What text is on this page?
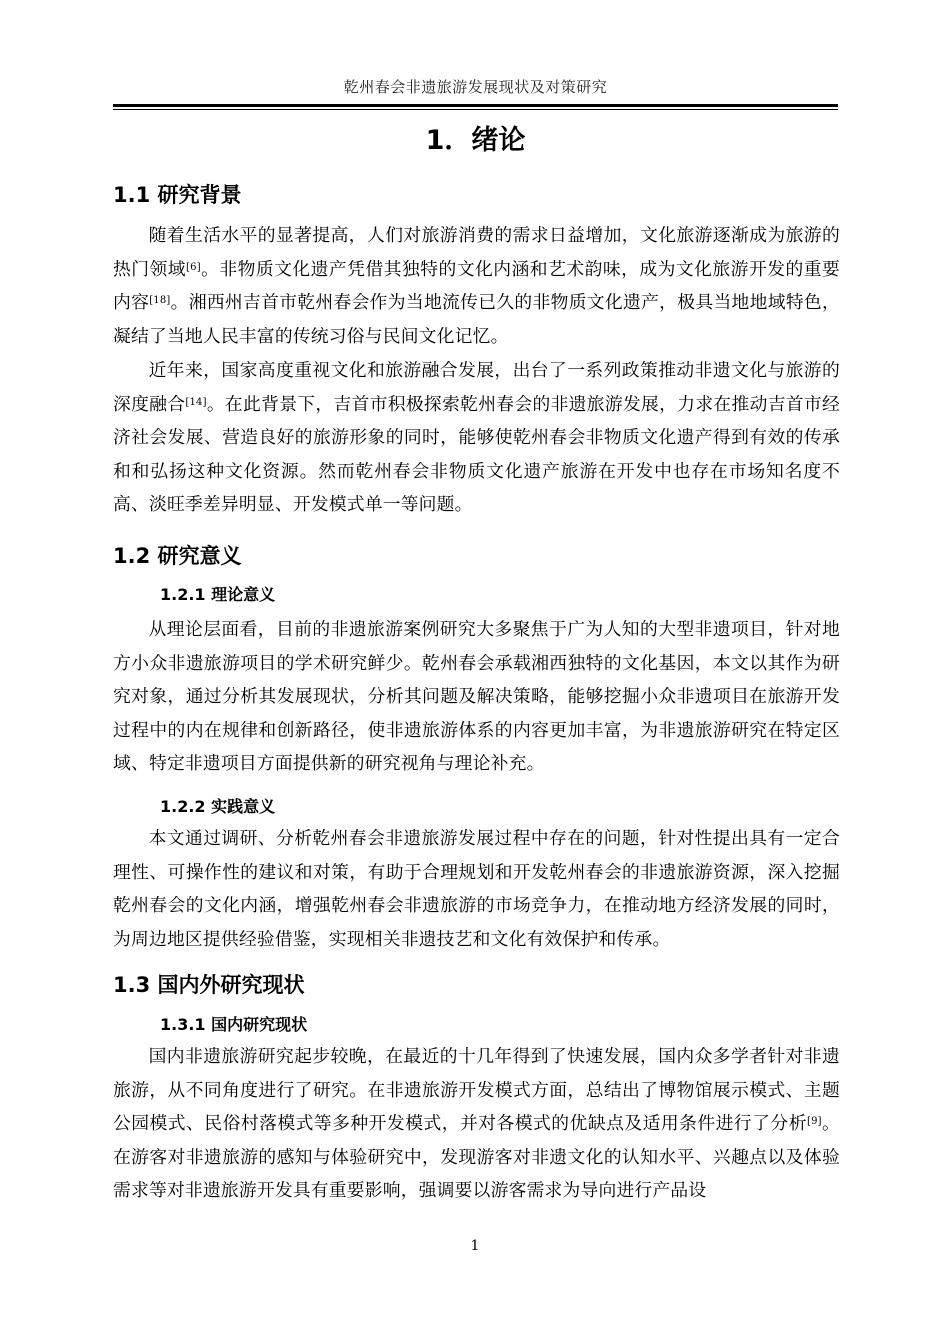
乾州春会非遗旅游发展现状及对策研究
1．绪论
1.1 研究背景
随着生活水平的显著提高，人们对旅游消费的需求日益增加，文化旅游逐渐成为旅游的热门领域[6]。非物质文化遗产凭借其独特的文化内涵和艺术韵味，成为文化旅游开发的重要内容[18]。湘西州吉首市乾州春会作为当地流传已久的非物质文化遗产，极具当地地域特色，凝结了当地人民丰富的传统习俗与民间文化记忆。
近年来，国家高度重视文化和旅游融合发展，出台了一系列政策推动非遗文化与旅游的深度融合[14]。在此背景下，吉首市积极探索乾州春会的非遗旅游发展，力求在推动吉首市经济社会发展、营造良好的旅游形象的同时，能够使乾州春会非物质文化遗产得到有效的传承和和弘扬这种文化资源。然而乾州春会非物质文化遗产旅游在开发中也存在市场知名度不高、淡旺季差异明显、开发模式单一等问题。
1.2 研究意义
1.2.1 理论意义
从理论层面看，目前的非遗旅游案例研究大多聚焦于广为人知的大型非遗项目，针对地方小众非遗旅游项目的学术研究鲜少。乾州春会承载湘西独特的文化基因，本文以其作为研究对象，通过分析其发展现状，分析其问题及解决策略，能够挖掘小众非遗项目在旅游开发过程中的内在规律和创新路径，使非遗旅游体系的内容更加丰富，为非遗旅游研究在特定区域、特定非遗项目方面提供新的研究视角与理论补充。
1.2.2 实践意义
本文通过调研、分析乾州春会非遗旅游发展过程中存在的问题，针对性提出具有一定合理性、可操作性的建议和对策，有助于合理规划和开发乾州春会的非遗旅游资源，深入挖掘乾州春会的文化内涵，增强乾州春会非遗旅游的市场竞争力，在推动地方经济发展的同时，为周边地区提供经验借鉴，实现相关非遗技艺和文化有效保护和传承。
1.3 国内外研究现状
1.3.1 国内研究现状
国内非遗旅游研究起步较晚，在最近的十几年得到了快速发展，国内众多学者针对非遗旅游，从不同角度进行了研究。在非遗旅游开发模式方面，总结出了博物馆展示模式、主题公园模式、民俗村落模式等多种开发模式，并对各模式的优缺点及适用条件进行了分析[9]。在游客对非遗旅游的感知与体验研究中，发现游客对非遗文化的认知水平、兴趣点以及体验需求等对非遗旅游开发具有重要影响，强调要以游客需求为导向进行产品设
1
